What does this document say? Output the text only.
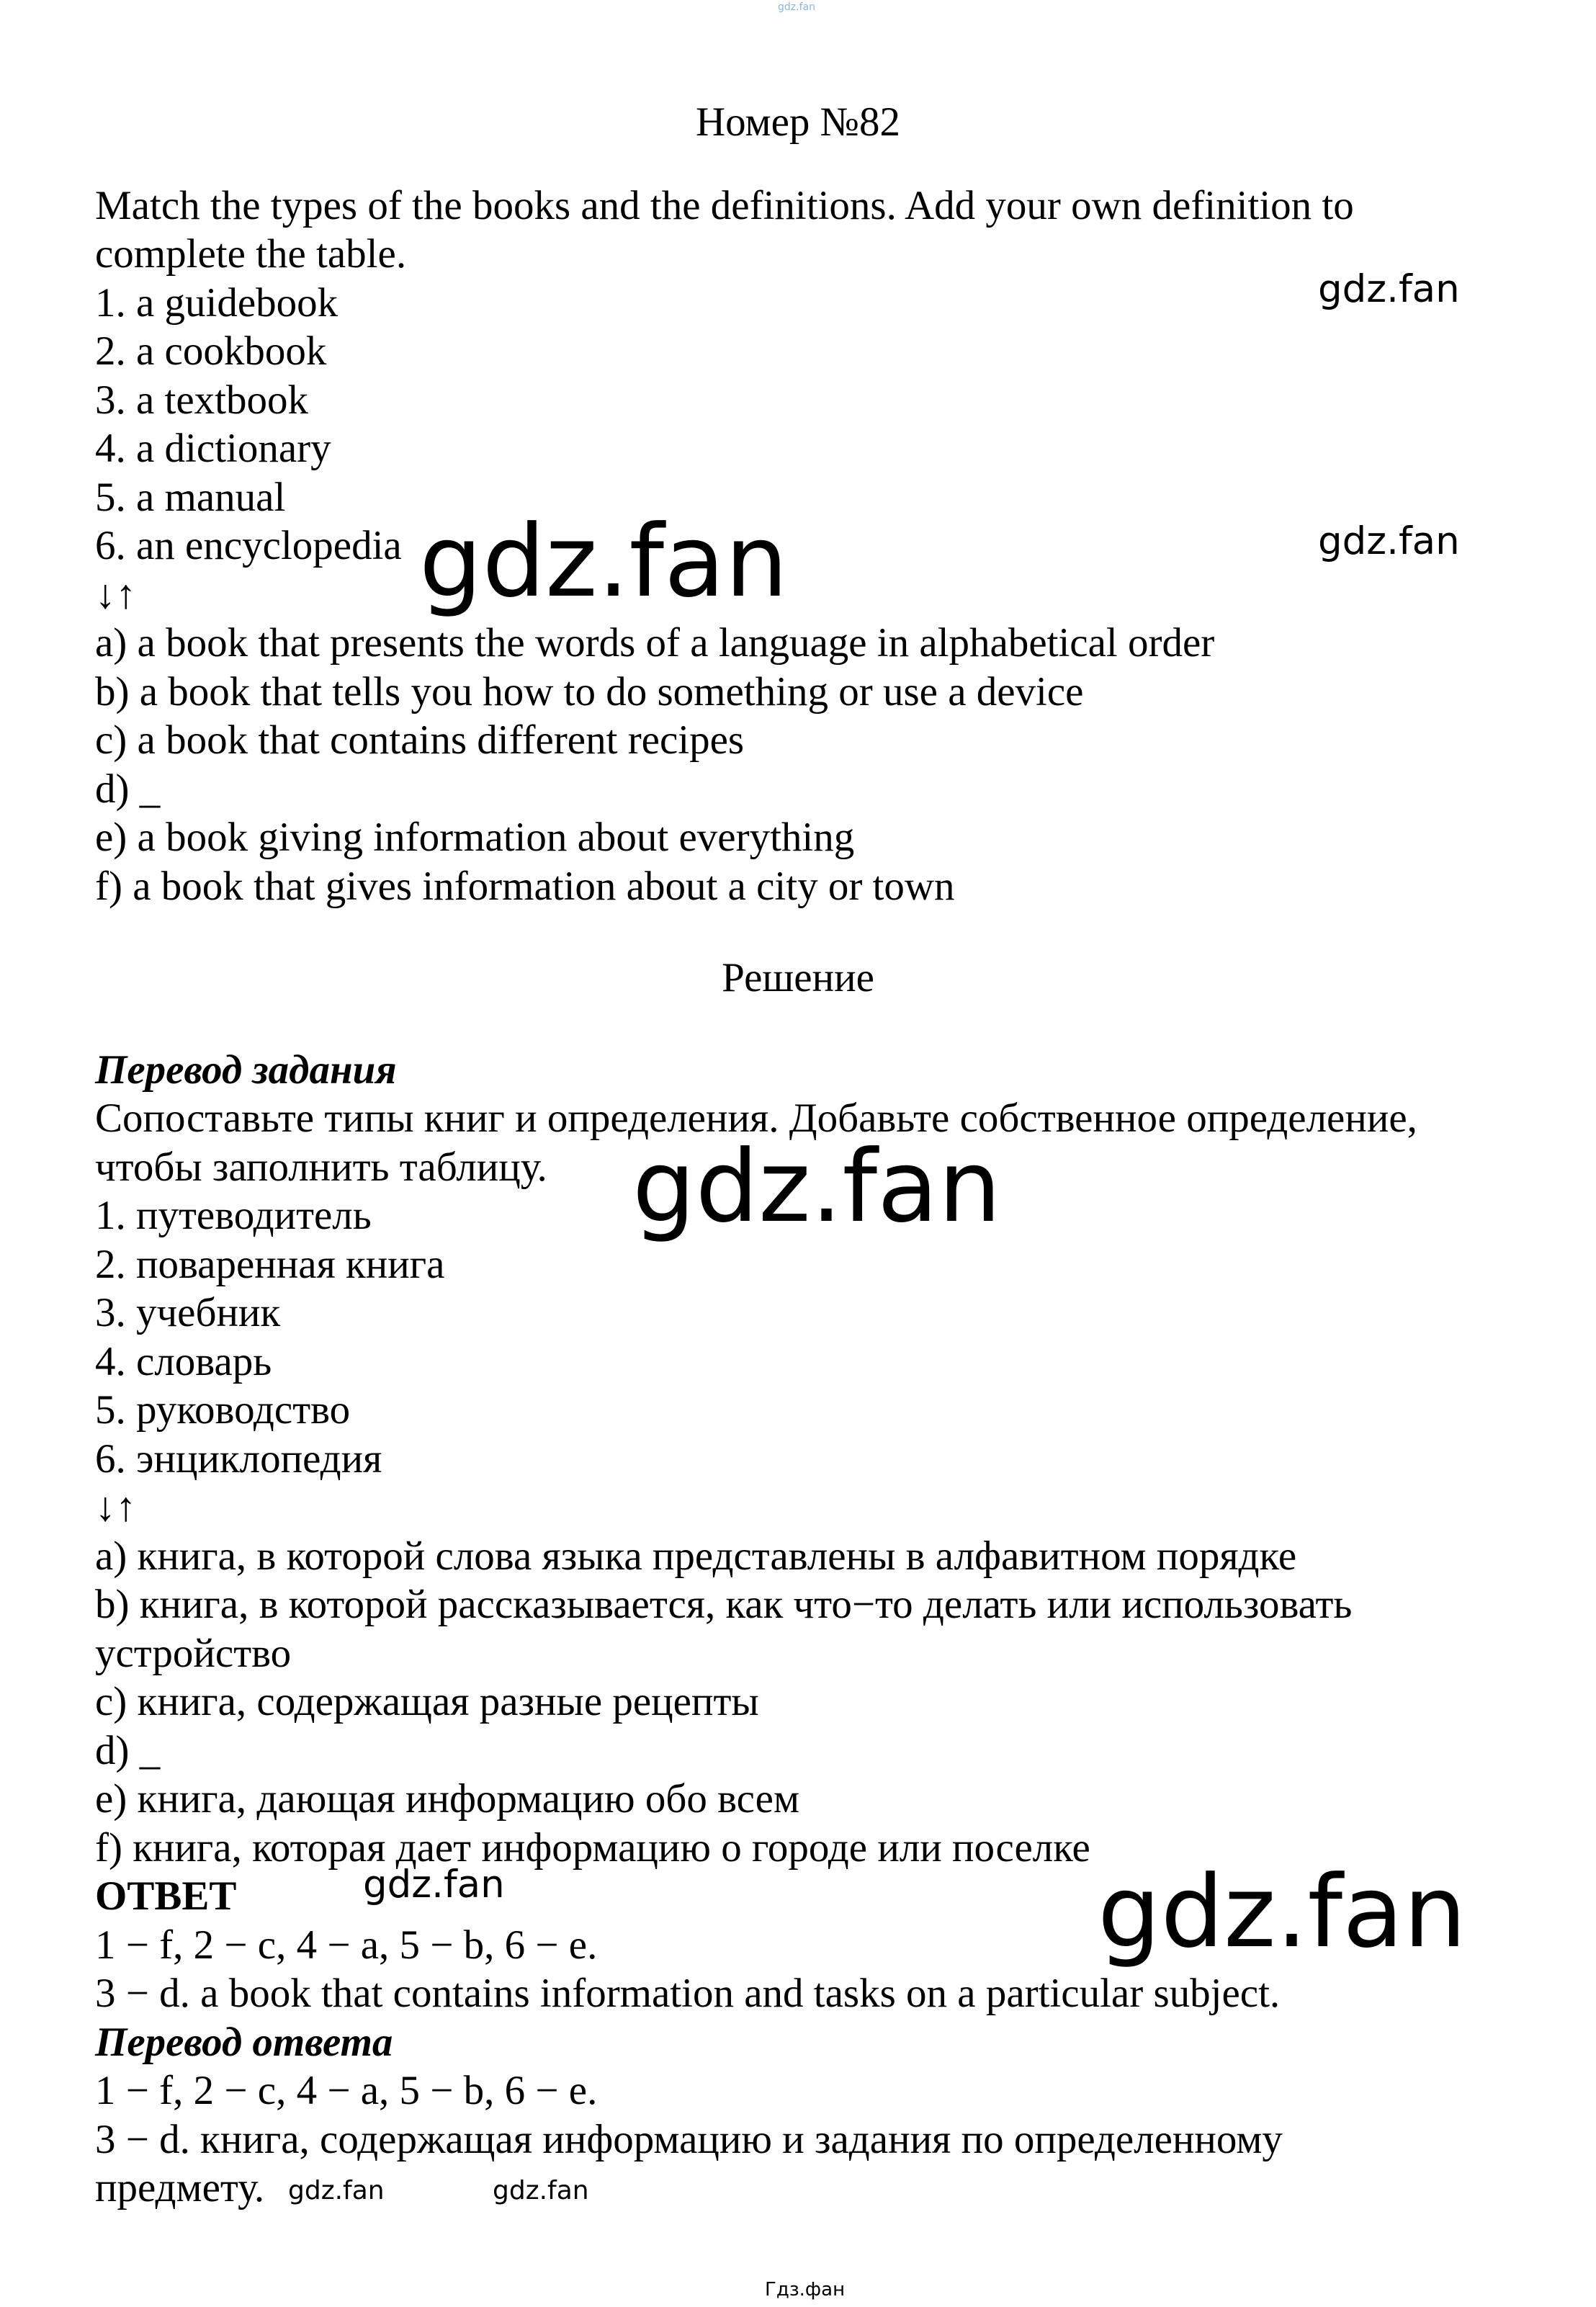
gdz.fan
Номер №82
Match the types of the books and the definitions. Add your own definition to
complete the table.
1. a guidebook
2. a cookbook
3. a textbook
4. a dictionary
5. a manual
6. an encyclopedia
↓↑
a) a book that presents the words of a language in alphabetical order
b) a book that tells you how to do something or use a device
c) a book that contains different recipes
d) _
e) a book giving information about everything
f) a book that gives information about a city or town
Решение
Перевод задания
Сопоставьте типы книг и определения. Добавьте собственное определение,
чтобы заполнить таблицу.
1. путеводитель
2. поваренная книга
3. учебник
4. словарь
5. руководство
6. энциклопедия
↓↑
a) книга, в которой слова языка представлены в алфавитном порядке
b) книга, в которой рассказывается, как что−то делать или использовать
устройство
c) книга, содержащая разные рецепты
d) _
e) книга, дающая информацию обо всем
f) книга, которая дает информацию о городе или поселке
ОТВЕТ
1 − f, 2 − c, 4 − a, 5 − b, 6 − e.
3 − d. a book that contains information and tasks on a particular subject.
Перевод ответа
1 − f, 2 − c, 4 − a, 5 − b, 6 − e.
3 − d. книга, содержащая информацию и задания по определенному
предмету.
gdz.fan
gdz.fan
gdz.fan
gdz.fan
gdz.fan	gdz.fan
gdz.fan	gdz.fan
Гдз.фан
